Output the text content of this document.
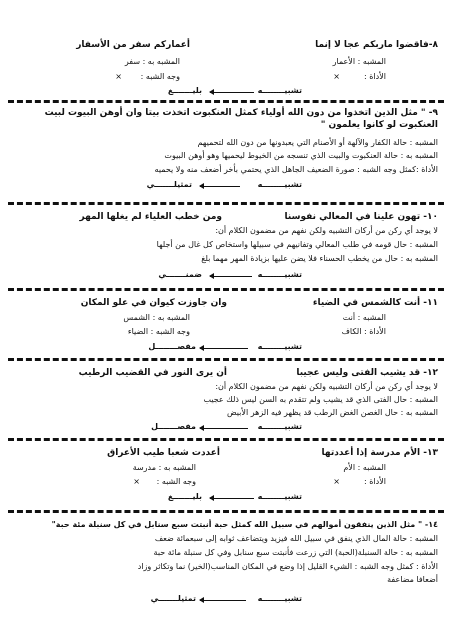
٨-فاقضوا ماربكم عجا لا إنما
أعماركم سفر من الأسفار
المشبه : الأعمار
المشبه به : سفر
الأداة :
×
وجه الشبه :
×
تشبيــــــــه
بليـــــــغ
٩- " مثل الذين اتخذوا من دون الله أولياء كمثل العنكبوت اتخذت بيتا وان أوهن البيوت لبيت
العنكبوت لو كانوا يعلمون "
المشبه : حالة الكفار والآلهة أو الأصنام التي يعبدونها من دون الله لتحميهم
المشبه به : حالة العنكبوت والبيت الذي تنسجه من الخيوط ليحميها وهو أوهن البيوت
الأداة :كمثل وجه الشبه : صورة الضعيف الجاهل الذي يحتمي بأخر أضعف منه ولا يحميه
تشبيــــــــه
تمثيلـــــــي
١٠- تهون علينا في المعالي نفوسنا
ومن خطب العلياء لم يغلها المهر
لا يوجد أي ركن من أركان التشبيه ولكن نفهم من مضمون الكلام أن:
المشبه : حال قومه في طلب المعالي وتفانيهم في سبيلها واستخاص كل غال من أجلها
المشبه به : حال من يخطب الحسناء فلا يضن عليها بزيادة المهر مهما بلغ
تشبيــــــــه
ضمنـــــــي
١١- أنت كالشمس في الضياء
وان جاوزت كيوان في علو المكان
المشبه : أنت
المشبه به : الشمس
الأداة : الكاف
وجه الشبه : الضياء
تشبيــــــــه
مفصــــــــل
١٢- قد يشيب الفتى وليس عجيبا
أن يرى النور في القضيب الرطيب
لا يوجد أي ركن من أركان التشبيه ولكن نفهم من مضمون الكلام أن:
المشبه : حال الفتى الذي قد يشيب ولم تتقدم به السن ليس ذلك عجيب
المشبه به : حال الغصن الغض الرطب قد يظهر فيه الزهر الأبيض
تشبيــــــــه
مفصـــــــل
١٣- الأم مدرسة إذا أعددتها
أعددت شعبا طيب الأعراق
المشبه : الأم
المشبه به : مدرسة
الأداة :
×
وجه الشبه :
×
تشبيــــــــه
بليـــــــغ
١٤- " مثل الذين ينفقون أموالهم في سبيل الله كمثل حبة أنبتت سبع سنابل في كل سنبلة مئة حبة"
المشبه : حالة المال الذي ينفق في سبيل الله فيزيد ويتضاعف ثوابه إلى سبعمائة ضعف
المشبه به : حالة السنبلة(الحبة) التي زرعت فأنبتت سبع سنابل وفي كل سنبلة مائة حبة
الأداة : كمثل وجه الشبه : الشيء القليل إذا وضع في المكان المناسب(الخير) نما وتكاثر وزاد
أضعافا مضاعفة
تشبيــــــــه
تمثيلـــــــي
